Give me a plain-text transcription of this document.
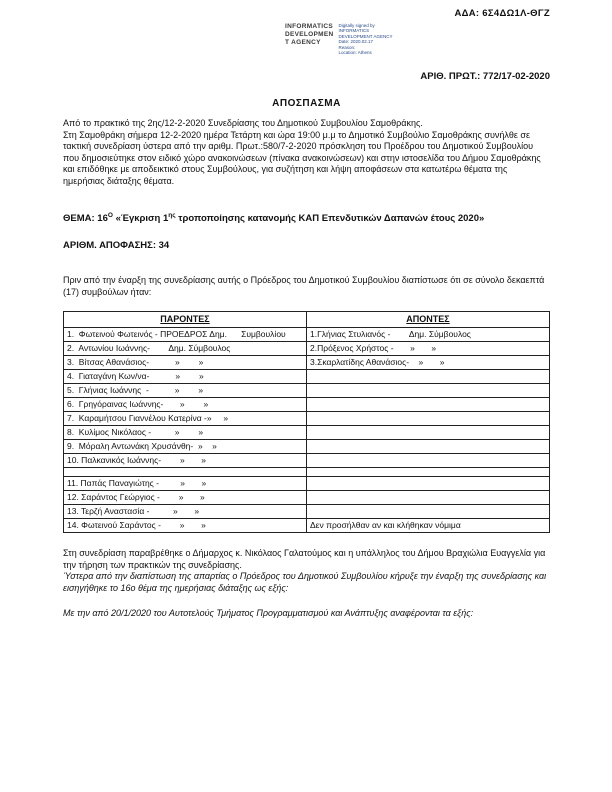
ΑΔΑ: 6Σ4ΔΩ1Λ-ΘΓΖ
INFORMATICS
DEVELOPMEN
T AGENCY
Digitally signed by
INFORMATICS
DEVELOPMENT AGENCY
Date: 2020.02.17
Reason:
Location: Athens
ΑΡΙΘ. ΠΡΩΤ.: 772/17-02-2020
ΑΠΟΣΠΑΣΜΑ

Από το πρακτικό της 2ης/12-2-2020 Συνεδρίασης του Δημοτικού Συμβουλίου Σαμοθράκης.

Στη Σαμοθράκη σήμερα 12-2-2020 ημέρα Τετάρτη και ώρα 19:00 μ.μ το Δημοτικό Συμβούλιο Σαμοθράκης συνήλθε σε τακτική συνεδρίαση ύστερα από την αριθμ. Πρωτ.:580/7-2-2020 πρόσκληση του Προέδρου του Δημοτικού Συμβουλίου που δημοσιεύτηκε στον ειδικό χώρο ανακοινώσεων (πίνακα ανακοινώσεων) και στην ιστοσελίδα του Δήμου Σαμοθράκης και επιδόθηκε με αποδεικτικό στους Συμβούλους, για συζήτηση και λήψη αποφάσεων στα κατωτέρω θέματα της ημερήσιας διάταξης θέματα.

ΘΕΜΑ: $16^O$ «Έγκριση $1^{\eta\varsigma}$ τροποποίησης κατανομής ΚΑΠ Επενδυτικών Δαπανών έτους 2020»
ΑΡΙΘΜ. ΑΠΟΦΑΣΗΣ: 34
Πριν από την έναρξη της συνεδρίασης αυτής ο Πρόεδρος του Δημοτικού Συμβουλίου διαπίστωσε ότι σε σύνολο δεκαεπτά (17) συμβούλων ήταν:
ΠΑΡΟΝΤΕΣ	ΑΠΟΝΤΕΣ
1.  Φωτεινού Φωτεινός - ΠΡΟΕΔΡΟΣ Δημ.      Συμβουλίου	1.Γλήνιας Στυλιανός -        Δημ. Σύμβουλος
2.  Αντωνίου Ιωάννης-        Δημ. Σύμβουλος	2.Πρόξενος Χρήστος -       »       »
3.  Βίτσας Αθανάσιος-           »        »	3.Σκαρλατίδης Αθανάσιος-    »       »
4.  Γιαταγάνη Κων/να-           »        »	
5.  Γλήνιας Ιωάννης  -           »        »	
6.  Γρηγόραινας Ιωάννης-       »        »	
7.  Καραμήτσου Γιαννέλου Κατερίνα -»     »	
8.  Κυλίμος Νικόλαος -          »        »	
9.  Μόραλη Αντωνάκη Χρυσάνθη-  »    »	
10. Παλκανικός Ιωάννης-        »       »	

11. Παπάς Παναγιώτης -         »       »	
12. Σαράντος Γεώργιος -        »       »	
13. Τερζή Αναστασία -          »       »	
14. Φωτεινού Σαράντος -        »       »	Δεν προσήλθαν αν και κλήθηκαν νόμιμα

Στη συνεδρίαση παραβρέθηκε ο Δήμαρχος κ. Νικόλαος Γαλατούμος και η υπάλληλος του Δήμου Βραχιώλια Ευαγγελία για την τήρηση των πρακτικών της συνεδρίασης.

Ύστερα από την διαπίστωση της απαρτίας ο Πρόεδρος του Δημοτικού Συμβουλίου κήρυξε την έναρξη της συνεδρίασης και εισηγήθηκε το 16ο θέμα της ημερήσιας διάταξης ως εξής:

Με την από 20/1/2020 του Αυτοτελούς Τμήματος Προγραμματισμού και Ανάπτυξης αναφέρονται τα εξής:
